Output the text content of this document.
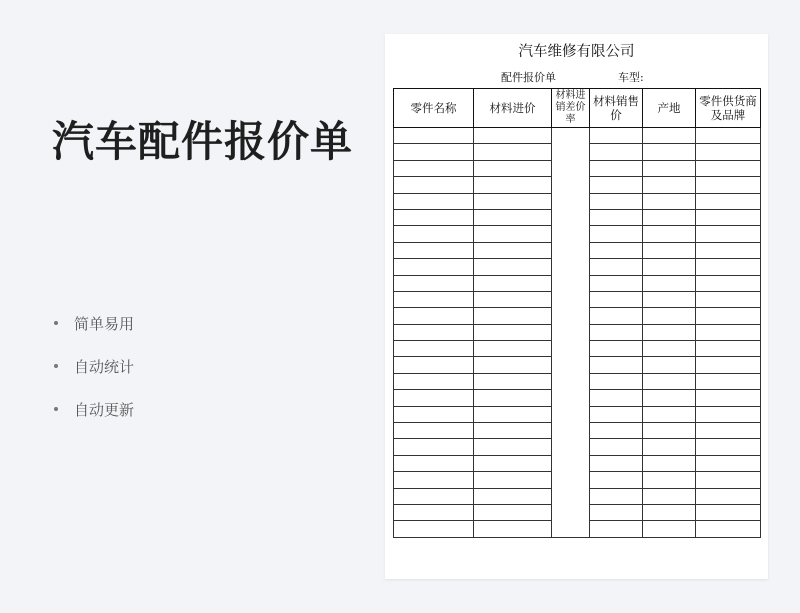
汽车配件报价单
简单易用
自动统计
自动更新
汽车维修有限公司
配件报价单	车型:
零件名称	材料进价	材料进销差价率	材料销售价	产地	零件供货商及品牌
